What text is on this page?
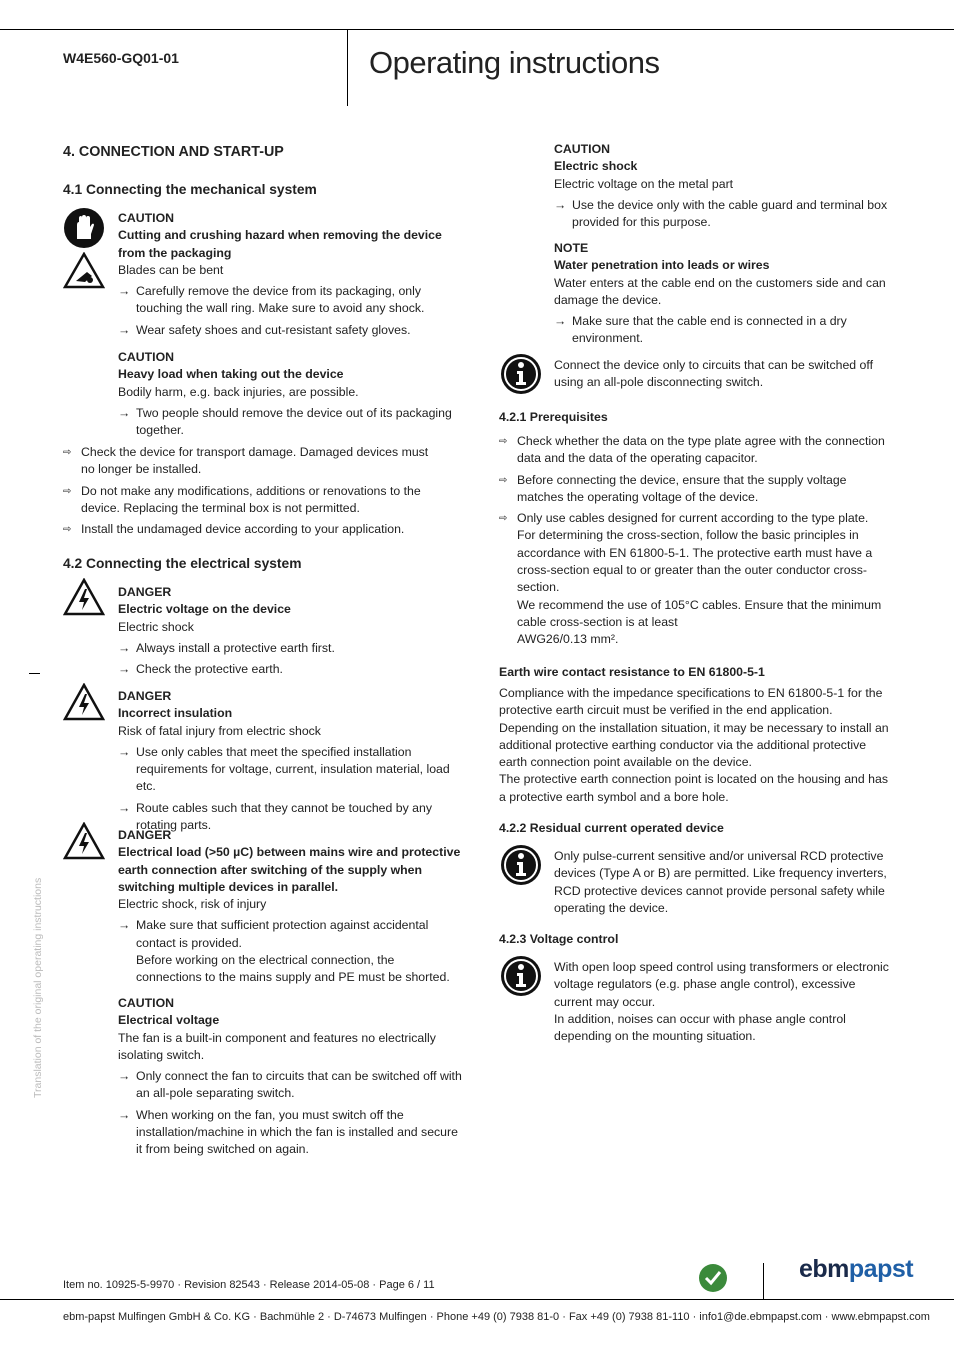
W4E560-GQ01-01	Operating instructions
Translation of the original operating instructions
4. CONNECTION AND START-UP
4.1 Connecting the mechanical system
CAUTION
Cutting and crushing hazard when removing the device from the packaging
Blades can be bent
→ Carefully remove the device from its packaging, only touching the wall ring. Make sure to avoid any shock.
→ Wear safety shoes and cut-resistant safety gloves.
CAUTION
Heavy load when taking out the device
Bodily harm, e.g. back injuries, are possible.
→ Two people should remove the device out of its packaging together.
⇨ Check the device for transport damage. Damaged devices must no longer be installed.
⇨ Do not make any modifications, additions or renovations to the device. Replacing the terminal box is not permitted.
⇨ Install the undamaged device according to your application.
4.2 Connecting the electrical system
DANGER
Electric voltage on the device
Electric shock
→ Always install a protective earth first.
→ Check the protective earth.
DANGER
Incorrect insulation
Risk of fatal injury from electric shock
→ Use only cables that meet the specified installation requirements for voltage, current, insulation material, load etc.
→ Route cables such that they cannot be touched by any rotating parts.
DANGER
Electrical load (>50 µC) between mains wire and protective earth connection after switching of the supply when switching multiple devices in parallel.
Electric shock, risk of injury
→ Make sure that sufficient protection against accidental contact is provided.
Before working on the electrical connection, the connections to the mains supply and PE must be shorted.
CAUTION
Electrical voltage
The fan is a built-in component and features no electrically isolating switch.
→ Only connect the fan to circuits that can be switched off with an all-pole separating switch.
→ When working on the fan, you must switch off the installation/machine in which the fan is installed and secure it from being switched on again.
CAUTION
Electric shock
Electric voltage on the metal part
→ Use the device only with the cable guard and terminal box provided for this purpose.
NOTE
Water penetration into leads or wires
Water enters at the cable end on the customers side and can damage the device.
→ Make sure that the cable end is connected in a dry environment.
Connect the device only to circuits that can be switched off using an all-pole disconnecting switch.
4.2.1 Prerequisites
⇨ Check whether the data on the type plate agree with the connection data and the data of the operating capacitor.
⇨ Before connecting the device, ensure that the supply voltage matches the operating voltage of the device.
⇨ Only use cables designed for current according to the type plate.
For determining the cross-section, follow the basic principles in accordance with EN 61800-5-1. The protective earth must have a cross-section equal to or greater than the outer conductor cross-section.
We recommend the use of 105°C cables. Ensure that the minimum cable cross-section is at least
AWG26/0.13 mm².
Earth wire contact resistance to EN 61800-5-1
Compliance with the impedance specifications to EN 61800-5-1 for the protective earth circuit must be verified in the end application.
Depending on the installation situation, it may be necessary to install an additional protective earthing conductor via the additional protective earth connection point available on the device.
The protective earth connection point is located on the housing and has a protective earth symbol and a bore hole.
4.2.2 Residual current operated device
Only pulse-current sensitive and/or universal RCD protective devices (Type A or B) are permitted. Like frequency inverters, RCD protective devices cannot provide personal safety while operating the device.
4.2.3 Voltage control
With open loop speed control using transformers or electronic voltage regulators (e.g. phase angle control), excessive current may occur.
In addition, noises can occur with phase angle control depending on the mounting situation.
Item no. 10925-5-9970 · Revision 82543 · Release 2014-05-08 · Page 6 / 11
ebmpapst
ebm-papst Mulfingen GmbH & Co. KG · Bachmühle 2 · D-74673 Mulfingen · Phone +49 (0) 7938 81-0 · Fax +49 (0) 7938 81-110 · info1@de.ebmpapst.com · www.ebmpapst.com
